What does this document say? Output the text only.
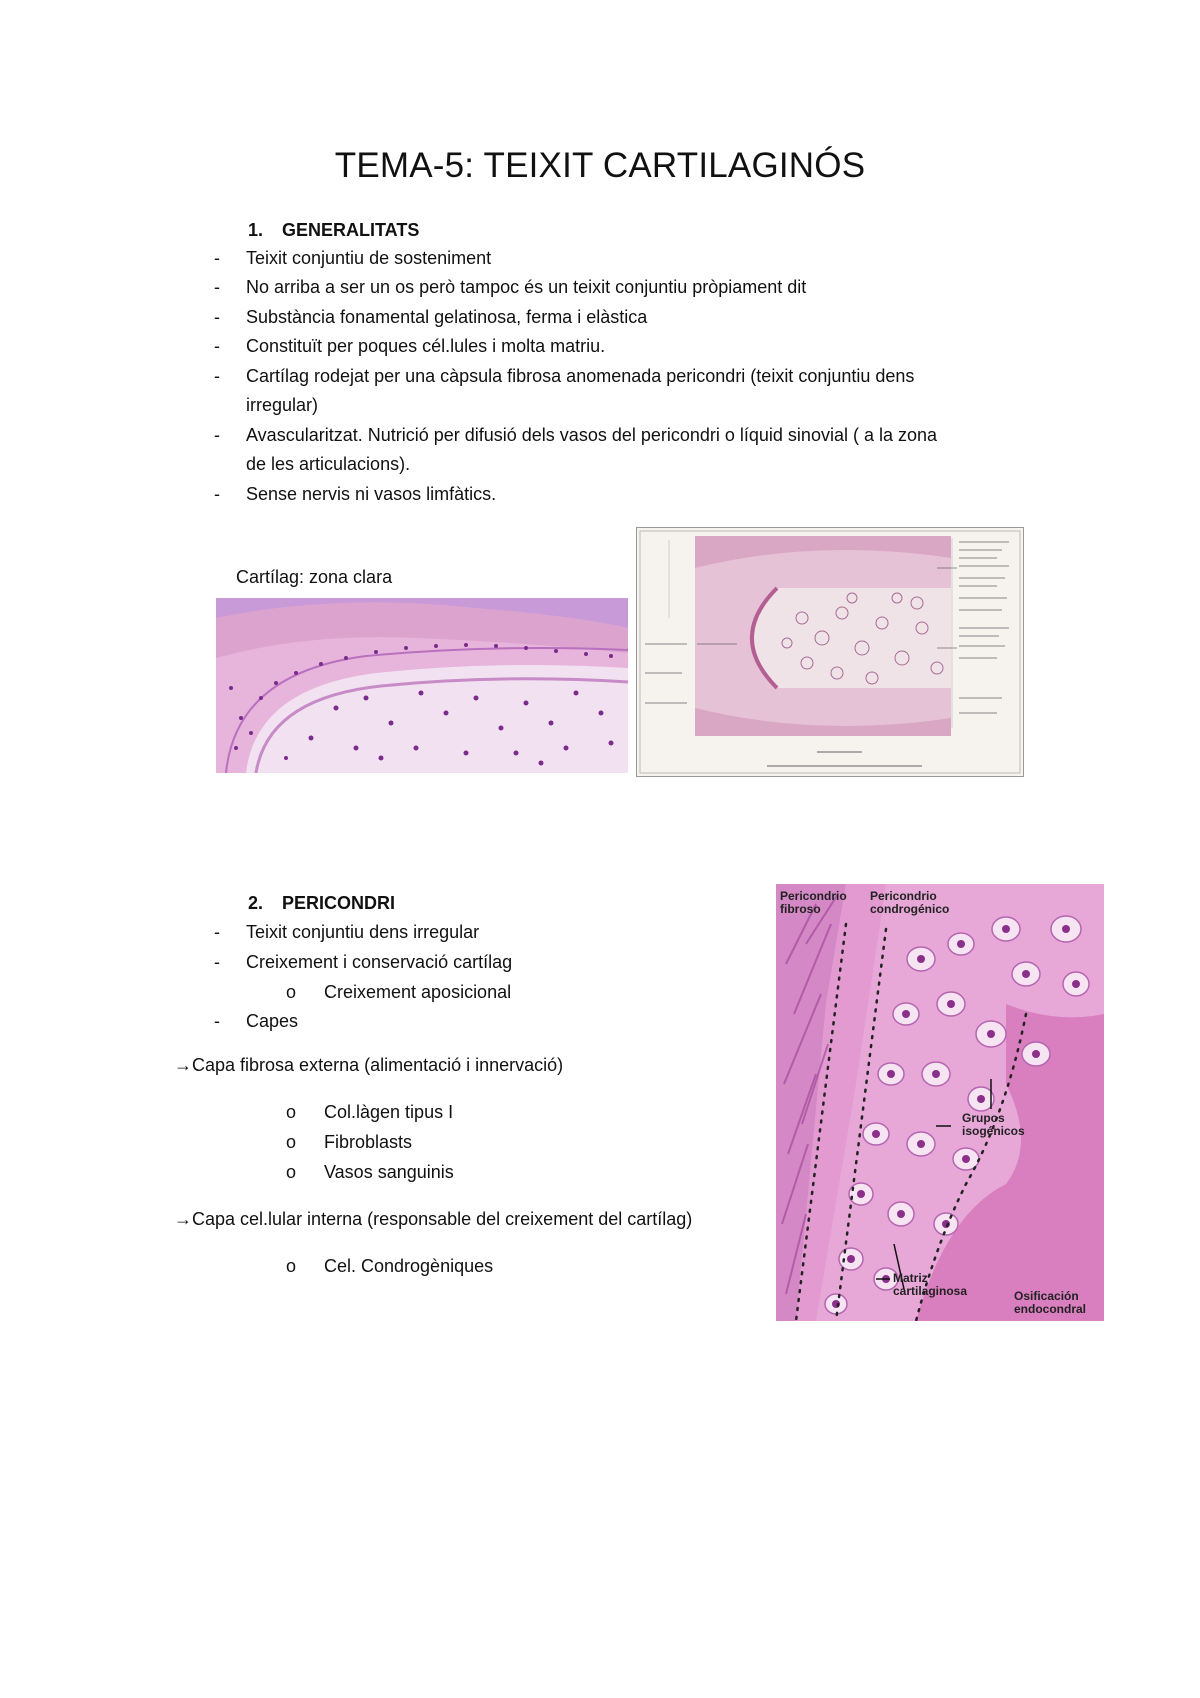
TEMA-5: TEIXIT CARTILAGINÓS
1. GENERALITATS
- Teixit conjuntiu de sosteniment
- No arriba a ser un os però tampoc és un teixit conjuntiu pròpiament dit
- Substància fonamental gelatinosa, ferma i elàstica
- Constituït per poques cél.lules i molta matriu.
- Cartílag rodejat per una càpsula fibrosa anomenada pericondri (teixit conjuntiu dens
irregular)
- Avascularitzat. Nutrició per difusió dels vasos del pericondri o líquid sinovial ( a la zona
de les articulacions).
- Sense nervis ni vasos limfàtics.
Cartílag: zona clara
2. PERICONDRI
- Teixit conjuntiu dens irregular
- Creixement i conservació cartílag
o Creixement aposicional
- Capes
→Capa fibrosa externa (alimentació i innervació)
o Col.làgen tipus I
o Fibroblasts
o Vasos sanguinis
→Capa cel.lular interna (responsable del creixement del cartílag)
o Cel. Condrogèniques
Pericondrio
fibroso
Pericondrio
condrogénico
Grupos
isogénicos
Matriz
cartilaginosa	Osificación
endocondral
